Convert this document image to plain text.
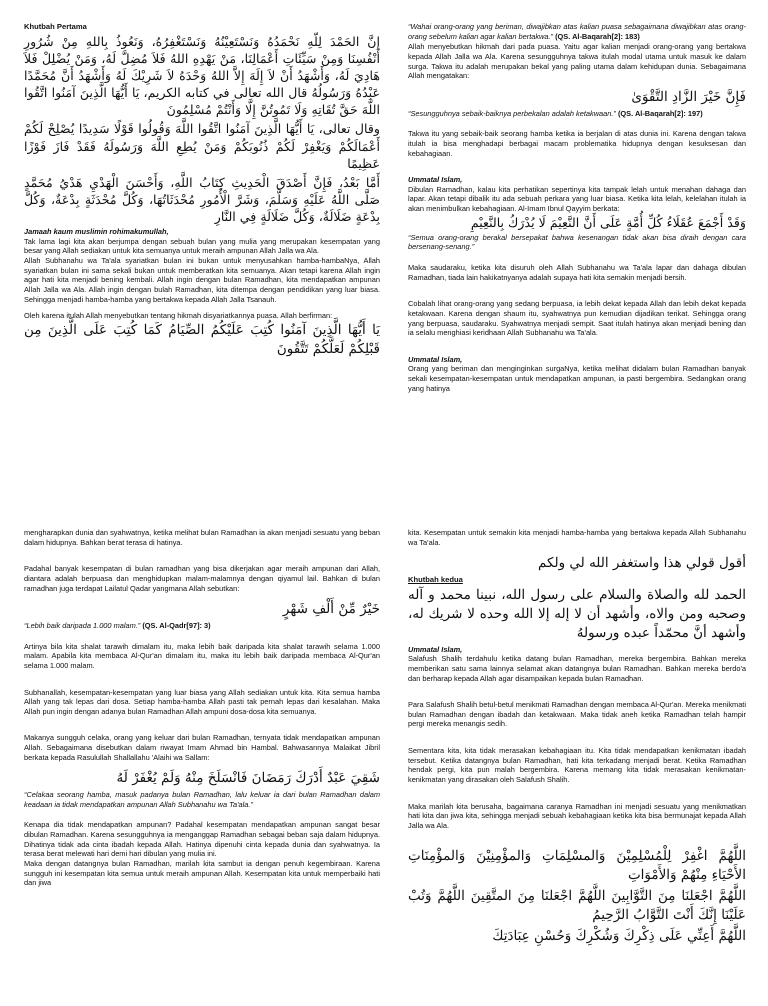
Khutbah Pertama

إنَّ الحَمْدَ لِلّهِ نَحْمَدُهُ وَنَسْتَعِيْنُهُ وَنَسْتَغْفِرُهُ، وَنَعُوذُ بِاللهِ مِنْ شُرُورِ أَنْفُسِنَا وَمِنْ سَيِّئَاتِ أَعْمَالِنَا، مَنْ يَهْدِهِ اللهُ فَلاَ مُضِلَّ لَهُ، وَمَنْ يُضْلِلْ فَلاَ هَادِيَ لَهُ، وَأَشْهَدُ أَنْ لاَ إِلَهَ إِلاَّ اللهُ وَحْدَهُ لاَ شَرِيْكَ لَهُ وَأَشْهَدُ أَنَّ مُحَمَّدًا عَبْدُهُ وَرَسُولُهُ قال الله تعالى في كتابه الكريم، يَا أَيُّهَا الَّذِينَ آمَنُوا اتَّقُوا اللَّهَ حَقَّ تُقَاتِهِ وَلَا تَمُوتُنَّ إِلَّا وَأَنْتُمْ مُسْلِمُونَ

وقال تعالى، يَا أَيُّهَا الَّذِينَ آمَنُوا اتَّقُوا اللَّهَ وَقُولُوا قَوْلًا سَدِيدًا يُصْلِحْ لَكُمْ أَعْمَالَكُمْ وَيَغْفِرْ لَكُمْ ذُنُوبَكُمْ وَمَنْ يُطِعِ اللَّهَ وَرَسُولَهُ فَقَدْ فَازَ فَوْزًا عَظِيمًا

أَمَّا بَعْدُ، فَإِنَّ أَصْدَقَ الْحَدِيثِ كِتَابُ اللَّهِ، وَأَحْسَنَ الْهَدْيِ هَدْيُ مُحَمَّدٍ صَلَّى اللَّهُ عَلَيْهِ وَسَلَّمَ، وَشَرَّ الْأُمُورِ مُحْدَثَاتُهَا، وَكُلَّ مُحْدَثَةٍ بِدْعَةٌ، وَكُلَّ بِدْعَةٍ ضَلَالَةٌ، وَكُلَّ ضَلَالَةٍ فِي النَّارِ

Jamaah kaum muslimin rohimakumullah,

Tak lama lagi kita akan berjumpa dengan sebuah bulan yang mulia yang merupakan kesempatan yang besar yang Allah sediakan untuk kita semuanya untuk meraih ampunan Allah Jalla wa Ala.

Allah Subhanahu wa Ta'ala syariatkan bulan ini bukan untuk menyusahkan hamba-hambaNya, Allah syariatkan bulan ini sama sekali bukan untuk memberatkan kita semuanya. Akan tetapi karena Allah ingin agar hati kita menjadi bening kembali. Allah ingin dengan bulan Ramadhan, kita mendapatkan ampunan Allah Jalla wa Ala. Allah ingin dengan bulah Ramadhan, kita ditempa dengan pendidikan yang luar biasa. Sehingga menjadi hamba-hamba yang bertakwa kepada Allah Jalla Tsanauh.

Oleh karena itulah Allah menyebutkan tentang hikmah disyariatkannya puasa. Allah berfirman:

يَا أَيُّهَا الَّذِينَ آمَنُوا كُتِبَ عَلَيْكُمُ الصِّيَامُ كَمَا كُتِبَ عَلَى الَّذِينَ مِن قَبْلِكُمْ لَعَلَّكُمْ تَتَّقُونَ

“Wahai orang-orang yang beriman, diwajibkan atas kalian puasa sebagaimana diwajibkan atas orang-orang sebelum kalian agar kalian bertakwa.” (QS. Al-Baqarah[2]: 183)

Allah menyebutkan hikmah dari pada puasa. Yaitu agar kalian menjadi orang-orang yang bertakwa kepada Allah Jalla wa Ala. Karena sesungguhnya takwa itulah modal utama untuk masuk ke dalam surga. Takwa itu adalah merupakan bekal yang paling utama dalam kehidupan dunia. Sebagaimana Allah mengatakan:

فَإِنَّ خَيْرَ الزَّادِ التَّقْوَىٰ

“Sesungguhnya sebaik-baiknya perbekalan adalah ketakwaan.” (QS. Al-Baqarah[2]: 197)

Takwa itu yang sebaik-baik seorang hamba ketika ia berjalan di atas dunia ini. Karena dengan takwa itulah ia bisa menghadapi berbagai macam problematika hidupnya dengan kesuksesan dan kebahagiaan.

Ummatal Islam,

Dibulan Ramadhan, kalau kita perhatikan sepertinya kita tampak lelah untuk menahan dahaga dan lapar. Akan tetapi dibalik itu ada sebuah perkara yang luar biasa. Ketika kita lelah, kelelahan itulah ia akan menimbulkan kebahagiaan. Al-Imam Ibnul Qayyim berkata:

وَقَدْ أَجْمَعَ عُقَلَاءُ كُلِّ أُمَّةٍ عَلَى أَنَّ النَّعِيْمَ لَا يُدْرَكُ بِالنَّعِيْمِ

“Semua orang-orang berakal bersepakat bahwa kesenangan tidak akan bisa diraih dengan cara bersenang-senang.”

Maka saudaraku, ketika kita disuruh oleh Allah Subhanahu wa Ta'ala lapar dan dahaga dibulan Ramadhan, tiada lain hakikatnyanya adalah supaya hati kita semakin menjadi bersih.

Cobalah lihat orang-orang yang sedang berpuasa, ia lebih dekat kepada Allah dan lebih dekat kepada ketakwaan. Karena dengan shaum itu, syahwatnya pun kemudian dijadikan terikat. Sehingga orang yang berpuasa, saudaraku. Syahwatnya menjadi sempit. Saat itulah hatinya akan menjadi bening dan ia selalu menghiasi keridhaan Allah Subhanahu wa Ta'ala.

Ummatal Islam,

Orang yang beriman dan menginginkan surgaNya, ketika melihat didalam bulan Ramadhan banyak sekali kesempatan-kesempatan untuk mendapatkan ampunan, ia pasti bergembira. Sedangkan orang yang hatinya

mengharapkan dunia dan syahwatnya, ketika melihat bulan Ramadhan ia akan menjadi sesuatu yang beban dalam hidupnya. Bahkan berat terasa di hatinya.

Padahal banyak kesempatan di bulan ramadhan yang bisa dikerjakan agar meraih ampunan dari Allah, diantara adalah berpuasa dan menghidupkan malam-malamnya dengan qiyamul lail. Bahkan di bulan ramadhan juga terdapat Lailatul Qadar yangmana Allah sebutkan:

خَيْرٌ مِّنْ أَلْفِ شَهْرٍ

“Lebih baik daripada 1.000 malam.” (QS. Al-Qadr[97]: 3)

Artinya bila kita shalat tarawih dimalam itu, maka lebih baik daripada kita shalat tarawih selama 1.000 malam. Apabila kita membaca Al-Qur'an dimalam itu, maka itu lebih baik daripada membaca Al-Qur'an selama 1.000 malam.

Subhanallah, kesempatan-kesempatan yang luar biasa yang Allah sediakan untuk kita. Kita semua hamba Allah yang tak lepas dari dosa. Setiap hamba-hamba Allah pasti tak pernah lepas dari kesalahan. Maka Allah pun ingin dengan adanya bulan Ramadhan Allah ampuni dosa-dosa kita semuanya.

Makanya sungguh celaka, orang yang keluar dari bulan Ramadhan, ternyata tidak mendapatkan ampunan Allah. Sebagaimana disebutkan dalam riwayat Imam Ahmad bin Hambal. Bahwasannya Malaikat Jibril berkata kepada Rasulullah Shallallahu 'Alaihi wa Sallam:

شَقِيَ عَبْدٌ أَدْرَكَ رَمَضَانَ فَانْسَلَخَ مِنْهُ وَلَمْ يُغْفَرْ لَهُ

“Celakaa seorang hamba, masuk padanya bulan Ramadhan, lalu keluar ia dari bulan Ramadhan dalam keadaan ia tidak mendapatkan ampunan Allah Subhanahu wa Ta'ala.”

Kenapa dia tidak mendapatkan ampunan? Padahal kesempatan mendapatkan ampunan sangat besar dibulan Ramadhan. Karena sesungguhnya ia menganggap Ramadhan sebagai beban saja dalam hidupnya. Dihatinya tidak ada cinta ibadah kepada Allah. Hatinya dipenuhi cinta kepada dunia dan syahwatnya. Ia terasa berat melewati hari demi hari dibulan yang mulia ini.

Maka dengan datangnya bulan Ramadhan, marilah kita sambut ia dengan penuh kegembiraan. Karena sungguh ini kesempatan kita semua untuk meraih ampunan Allah. Kesempatan kita untuk memperbaiki hati dan jiwa

kita. Kesempatan untuk semakin kita menjadi hamba-hamba yang bertakwa kepada Allah Subhanahu wa Ta'ala.

أقول قولي هذا واستغفر الله لي ولكم

Khutbah kedua

الحمد لله والصلاة والسلام على رسول الله، نبينا محمد و آله وصحبه ومن والاه، وأشهد أن لا إله إلا الله وحده لا شريك له، وأشهد أنَّ محمّداً عبده ورسولهُ

Ummatal Islam,

Salafush Shalih terdahulu ketika datang bulan Ramadhan, mereka bergembira. Bahkan mereka memberikan satu sama lainnya selamat akan datangnya bulan Ramadhan. Bahkan mereka berdo'a dan berharap kepada Allah agar disampaikan kepada bulan Ramadhan.

Para Salafush Shalih betul-betul menikmati Ramadhan dengan membaca Al-Qur'an. Mereka menikmati bulan Ramadhan dengan ibadah dan ketakwaan. Maka tidak aneh ketika Ramadhan telah hampir pergi mereka menangis sedih.

Sementara kita, kita tidak merasakan kebahagiaan itu. Kita tidak mendapatkan kenikmatan ibadah tersebut. Ketika datangnya bulan Ramadhan, hati kita terkadang menjadi berat. Ketika Ramadhan hendak pergi, kita pun malah bergembira. Karena memang kita tidak merasakan kenikmatan-kenikmatan yang dirasakan oleh Salafush Shalih.

Maka marilah kita berusaha, bagaimana caranya Ramadhan ini menjadi sesuatu yang menikmatkan hati kita dan jiwa kita, sehingga menjadi sebuah kebahagiaan ketika kita bisa bermunajat kepada Allah Jalla wa Ala.

اللَّهُمَّ اغْفِرْ لِلْمُسْلِمِيْنَ وَالمسْلِمَاتِ وَالمؤْمِنِيْنَ وَالمؤْمِنَاتِ الأَحْيَاءِ مِنْهُمْ وَالأَمْوَاتِ

اللَّهُمَّ اجْعَلنَا مِنَ التَّوَّابِينَ اللَّهُمَّ اجْعَلنَا مِنَ المتَّقِينَ اللَّهُمَّ وَتُبْ عَلَيْنَا إِنَّكَ أَنْتَ التَّوَّابُ الرَّحِيمُ

اللَّهُمَّ أَعِنِّي عَلَى ذِكْرِكَ وَشُكْرِكَ وَحُسْنِ عِبَادَتِكَ
